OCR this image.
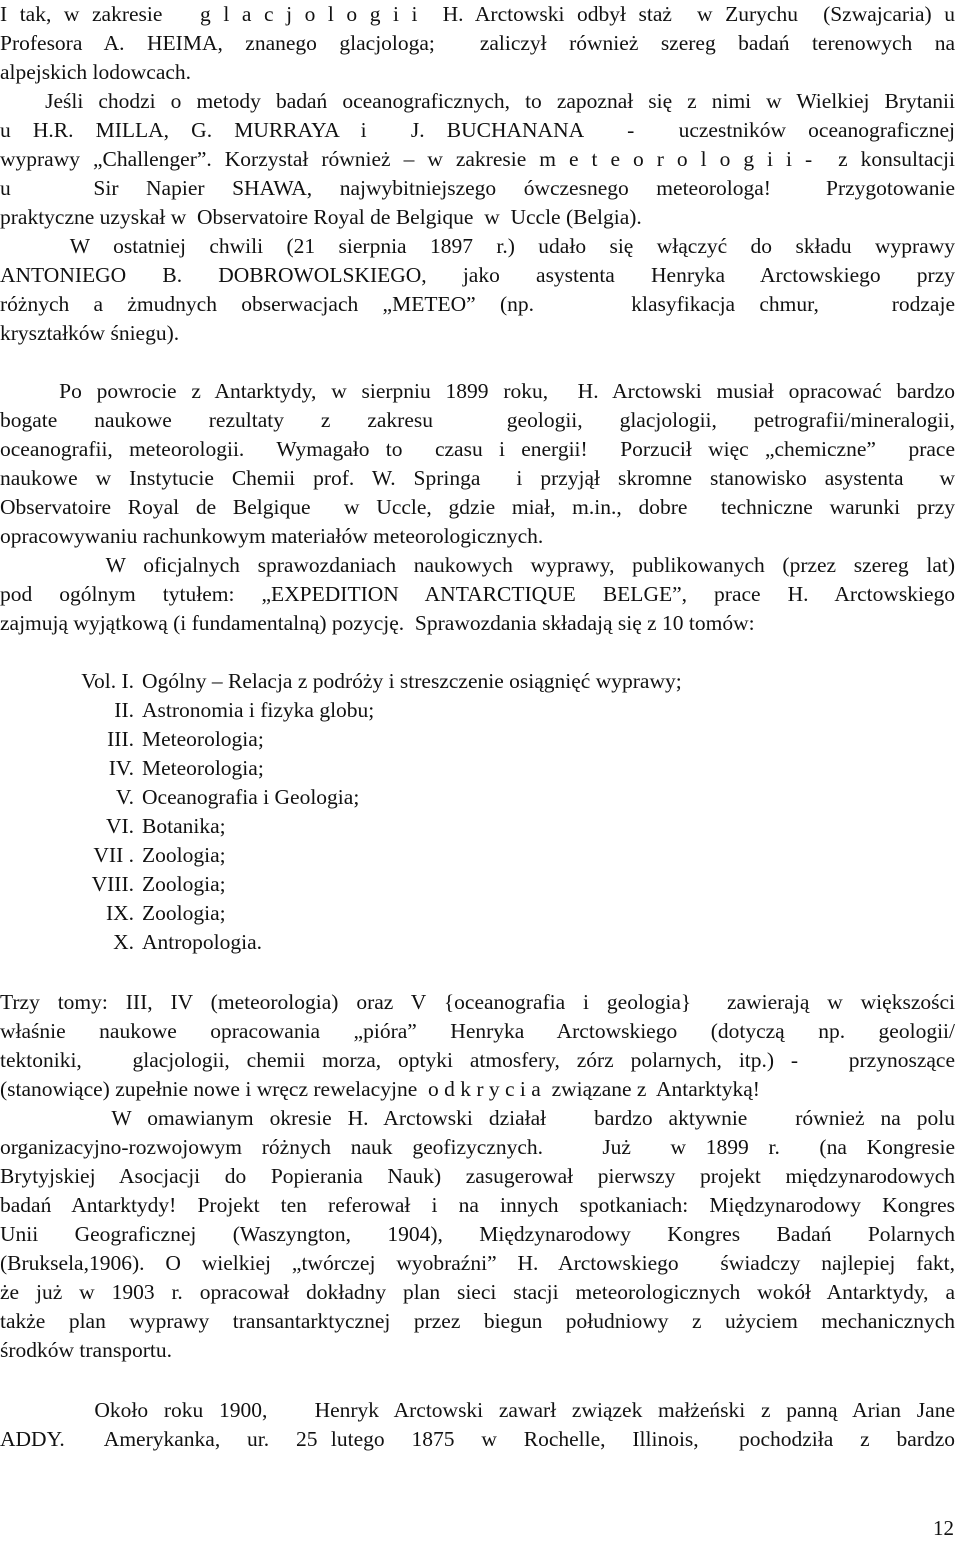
I tak, w zakresie   g l a c j o l o g i i  H. Arctowski odbył staż  w Zurychu  (Szwajcaria) u
Profesora A. HEIMA, znanego glacjologa;  zaliczył również szereg badań terenowych na
alpejskich lodowcach.
Jeśli chodzi o metody badań oceanograficznych, to zapoznał się z nimi w Wielkiej Brytanii
u H.R. MILLA, G. MURRAYA i  J. BUCHANANA  -  uczestników oceanograficznej
wyprawy „Challenger”. Korzystał również – w zakresie m e t e o r o l o g i i -  z konsultacji
u   Sir Napier SHAWA, najwybitniejszego ówczesnego meteorologa!  Przygotowanie
praktyczne uzyskał w  Observatoire Royal de Belgique  w  Uccle (Belgia).
W ostatniej chwili (21 sierpnia 1897 r.) udało się włączyć do składu wyprawy
ANTONIEGO B. DOBROWOLSKIEGO, jako asystenta Henryka Arctowskiego przy
różnych a żmudnych obserwacjach „METEO” (np.    klasyfikacja chmur,   rodzaje
kryształków śniegu).
Po powrocie z Antarktydy, w sierpniu 1899 roku,  H. Arctowski musiał opracować bardzo
bogate  naukowe  rezultaty  z  zakresu    geologii,  glacjologii,  petrografii/mineralogii,
oceanografii, meteorologii.  Wymagało to  czasu i energii!  Porzucił więc „chemiczne”  prace
naukowe w Instytucie Chemii prof. W. Springa  i przyjął skromne stanowisko asystenta  w
Observatoire Royal de Belgique  w Uccle, gdzie miał, m.in., dobre  techniczne warunki przy
opracowywaniu rachunkowym materiałów meteorologicznych.
W oficjalnych sprawozdaniach naukowych wyprawy, publikowanych (przez szereg lat)
pod ogólnym tytułem: „EXPEDITION ANTARCTIQUE BELGE”, prace H. Arctowskiego
zajmują wyjątkową (i fundamentalną) pozycję.  Sprawozdania składają się z 10 tomów:
Vol. I. Ogólny – Relacja z podróży i streszczenie osiągnięć wyprawy;
II. Astronomia i fizyka globu;
III. Meteorologia;
IV. Meteorologia;
V. Oceanografia i Geologia;
VI. Botanika;
VII . Zoologia;
VIII. Zoologia;
IX. Zoologia;
X. Antropologia.
Trzy tomy: III, IV (meteorologia) oraz V {oceanografia i geologia}  zawierają w większości
właśnie  naukowe  opracowania  „pióra”  Henryka  Arctowskiego  (dotyczą  np.  geologii/
tektoniki,   glacjologii, chemii morza, optyki atmosfery, zórz polarnych, itp.) -   przynoszące
(stanowiące) zupełnie nowe i wręcz rewelacyjne  o d k r y c i a  związane z  Antarktyką!
W omawianym okresie H. Arctowski działał   bardzo aktywnie   również na polu
organizacyjno-rozwojowym różnych nauk geofizycznych.   Już  w 1899 r.  (na Kongresie
Brytyjskiej Asocjacji do Popierania Nauk) zasugerował pierwszy projekt międzynarodowych
badań Antarktydy! Projekt ten referował i na innych spotkaniach: Międzynarodowy Kongres
Unii  Geograficznej  (Waszyngton,  1904),  Międzynarodowy  Kongres  Badań  Polarnych
(Bruksela,1906). O wielkiej „twórczej wyobraźni” H. Arctowskiego  świadczy najlepiej fakt,
że już w 1903 r. opracował dokładny plan sieci stacji meteorologicznych wokół Antarktydy, a
także plan wyprawy transantarktycznej przez biegun południowy z użyciem mechanicznych
środków transportu.
Około roku 1900,   Henryk Arctowski zawarł związek małżeński z panną Arian Jane
ADDY.   Amerykanka,  ur.  25 lutego  1875  w  Rochelle,  Illinois,   pochodziła  z  bardzo
12
